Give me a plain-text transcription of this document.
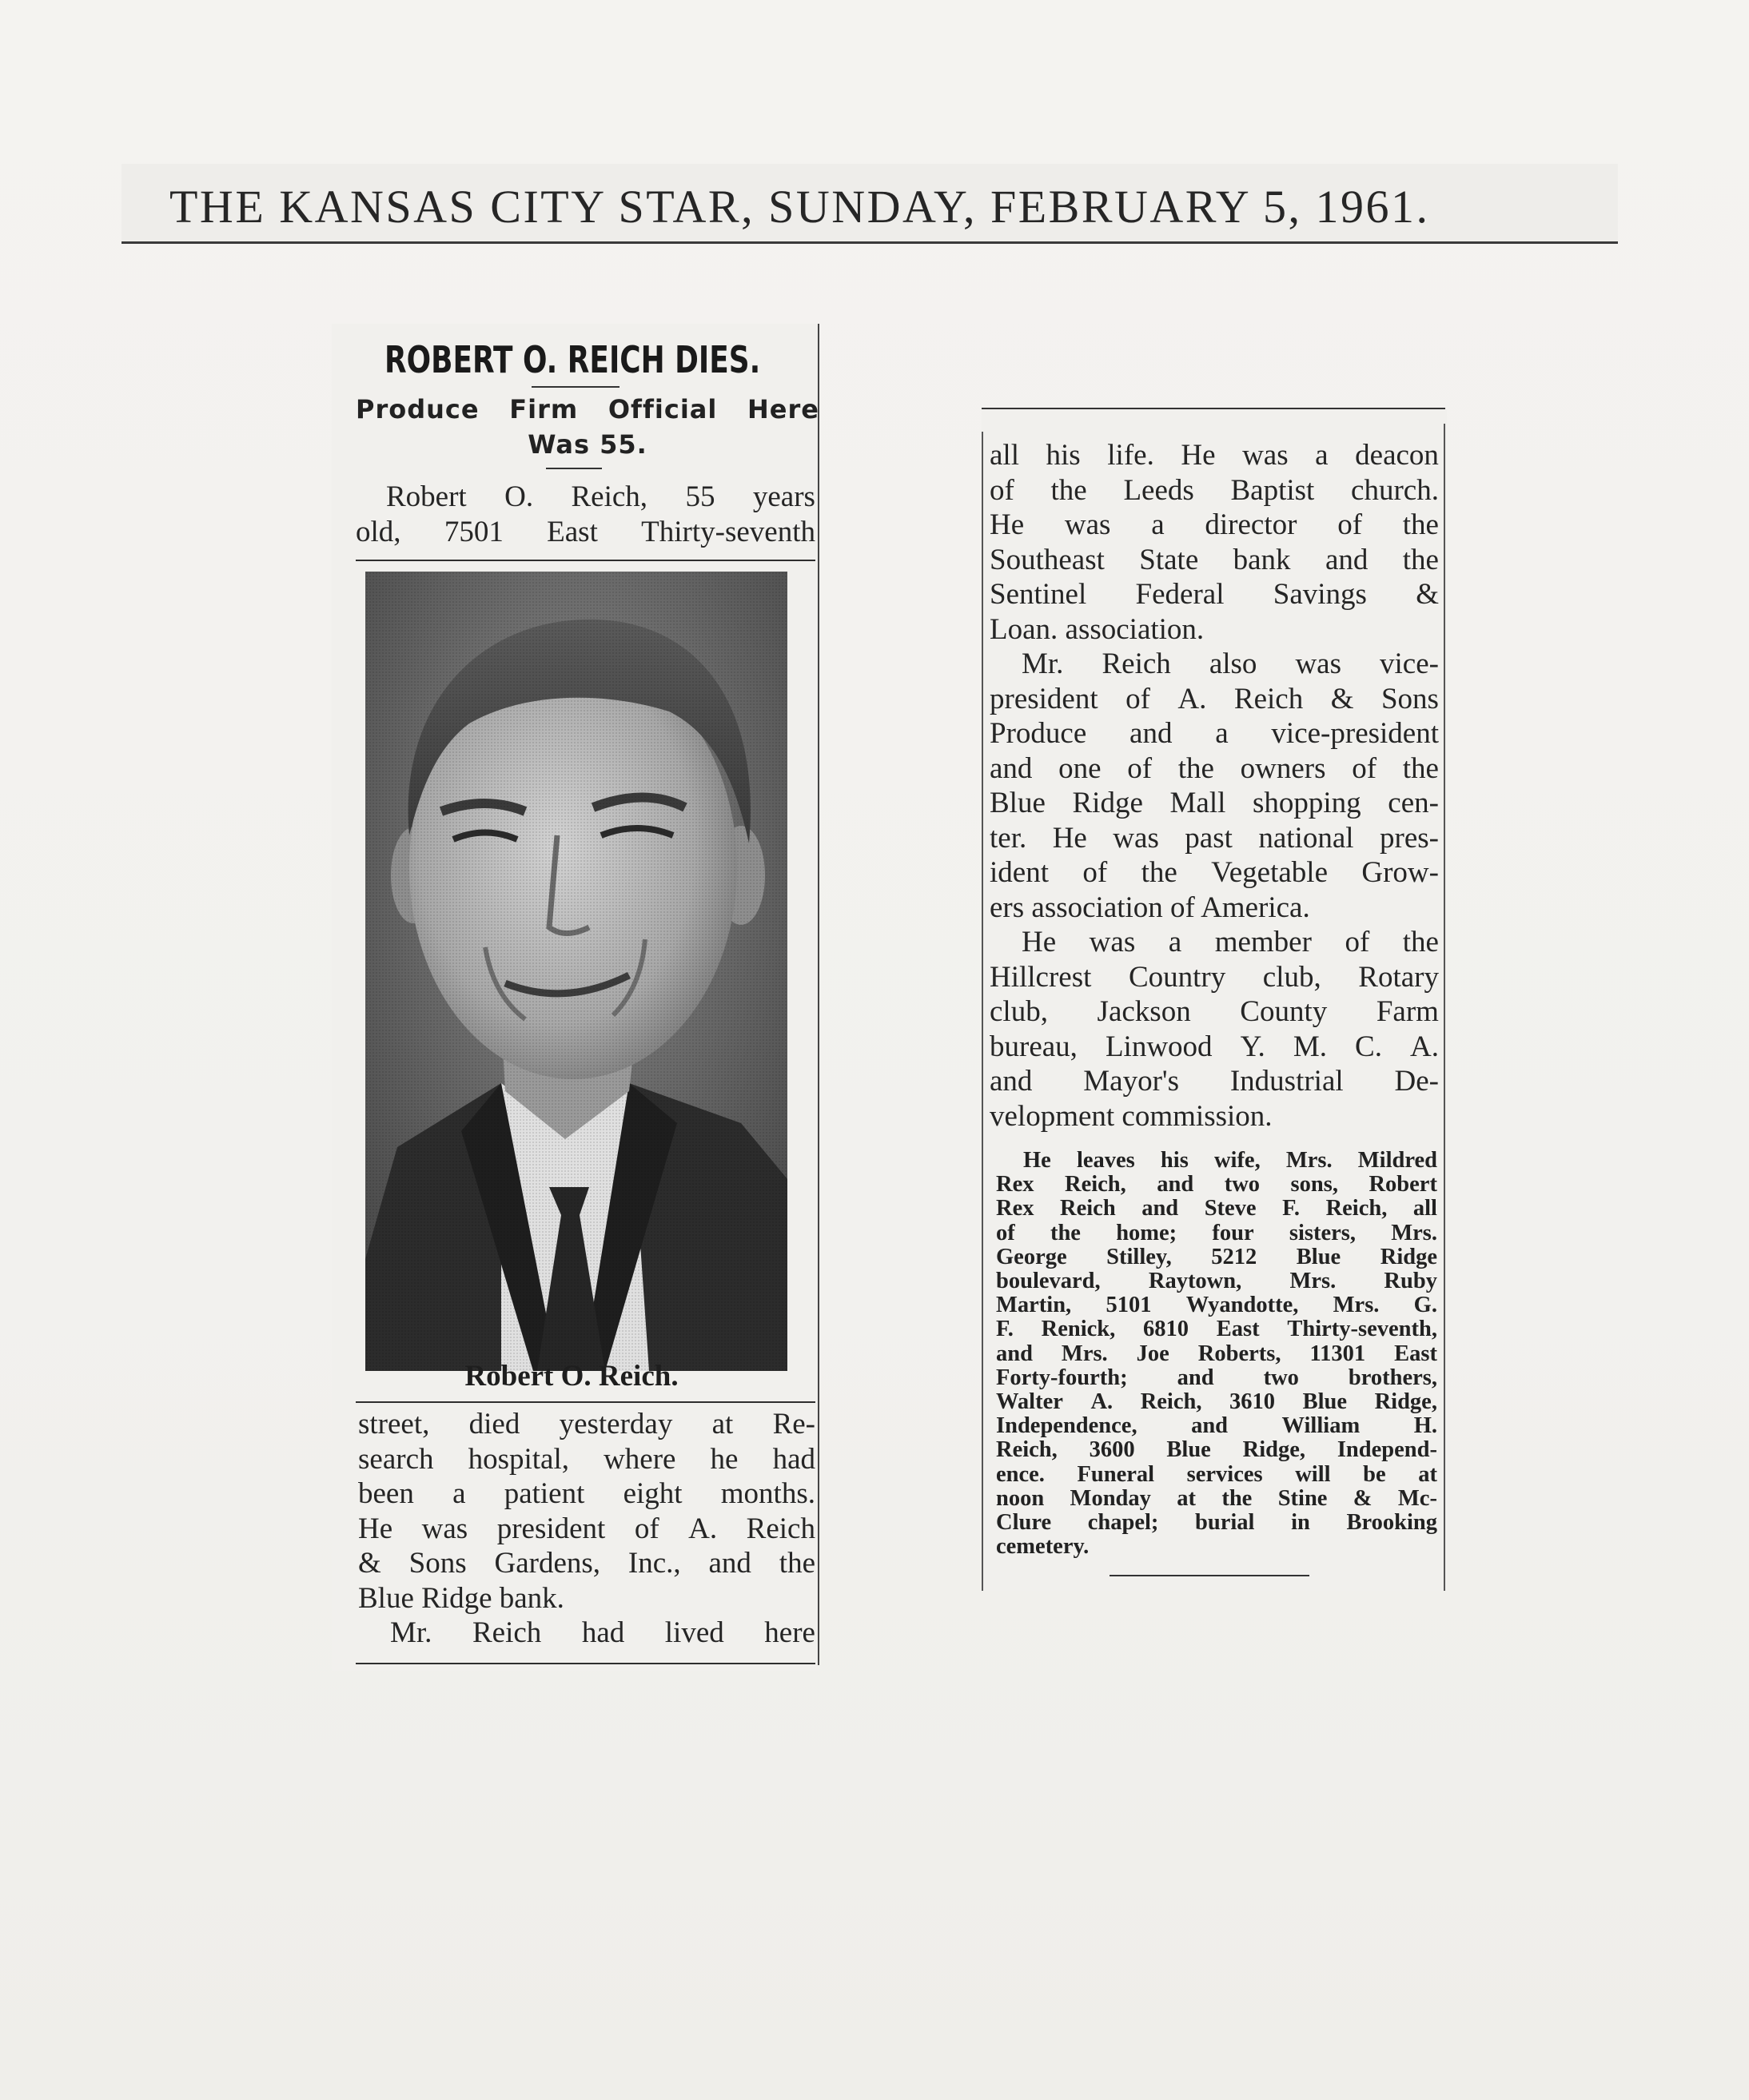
THE KANSAS CITY STAR, SUNDAY, FEBRUARY 5, 1961.
ROBERT O. REICH DIES.
Produce Firm Official Here
Was 55.
Robert O. Reich, 55 years
old, 7501 East Thirty-seventh
Robert O. Reich.
street, died yesterday at Re-
search hospital, where he had
been a patient eight months.
He was president of A. Reich
& Sons Gardens, Inc., and the
Blue Ridge bank.
Mr. Reich had lived here
all his life. He was a deacon
of the Leeds Baptist church.
He was a director of the
Southeast State bank and the
Sentinel Federal Savings &
Loan. association.
Mr. Reich also was vice-
president of A. Reich & Sons
Produce and a vice-president
and one of the owners of the
Blue Ridge Mall shopping cen-
ter. He was past national pres-
ident of the Vegetable Grow-
ers association of America.
He was a member of the
Hillcrest Country club, Rotary
club, Jackson County Farm
bureau, Linwood Y. M. C. A.
and Mayor's Industrial De-
velopment commission.
He leaves his wife, Mrs. Mildred
Rex Reich, and two sons, Robert
Rex Reich and Steve F. Reich, all
of the home; four sisters, Mrs.
George Stilley, 5212 Blue Ridge
boulevard, Raytown, Mrs. Ruby
Martin, 5101 Wyandotte, Mrs. G.
F. Renick, 6810 East Thirty-seventh,
and Mrs. Joe Roberts, 11301 East
Forty-fourth; and two brothers,
Walter A. Reich, 3610 Blue Ridge,
Independence, and William H.
Reich, 3600 Blue Ridge, Independ-
ence. Funeral services will be at
noon Monday at the Stine & Mc-
Clure chapel; burial in Brooking
cemetery.
